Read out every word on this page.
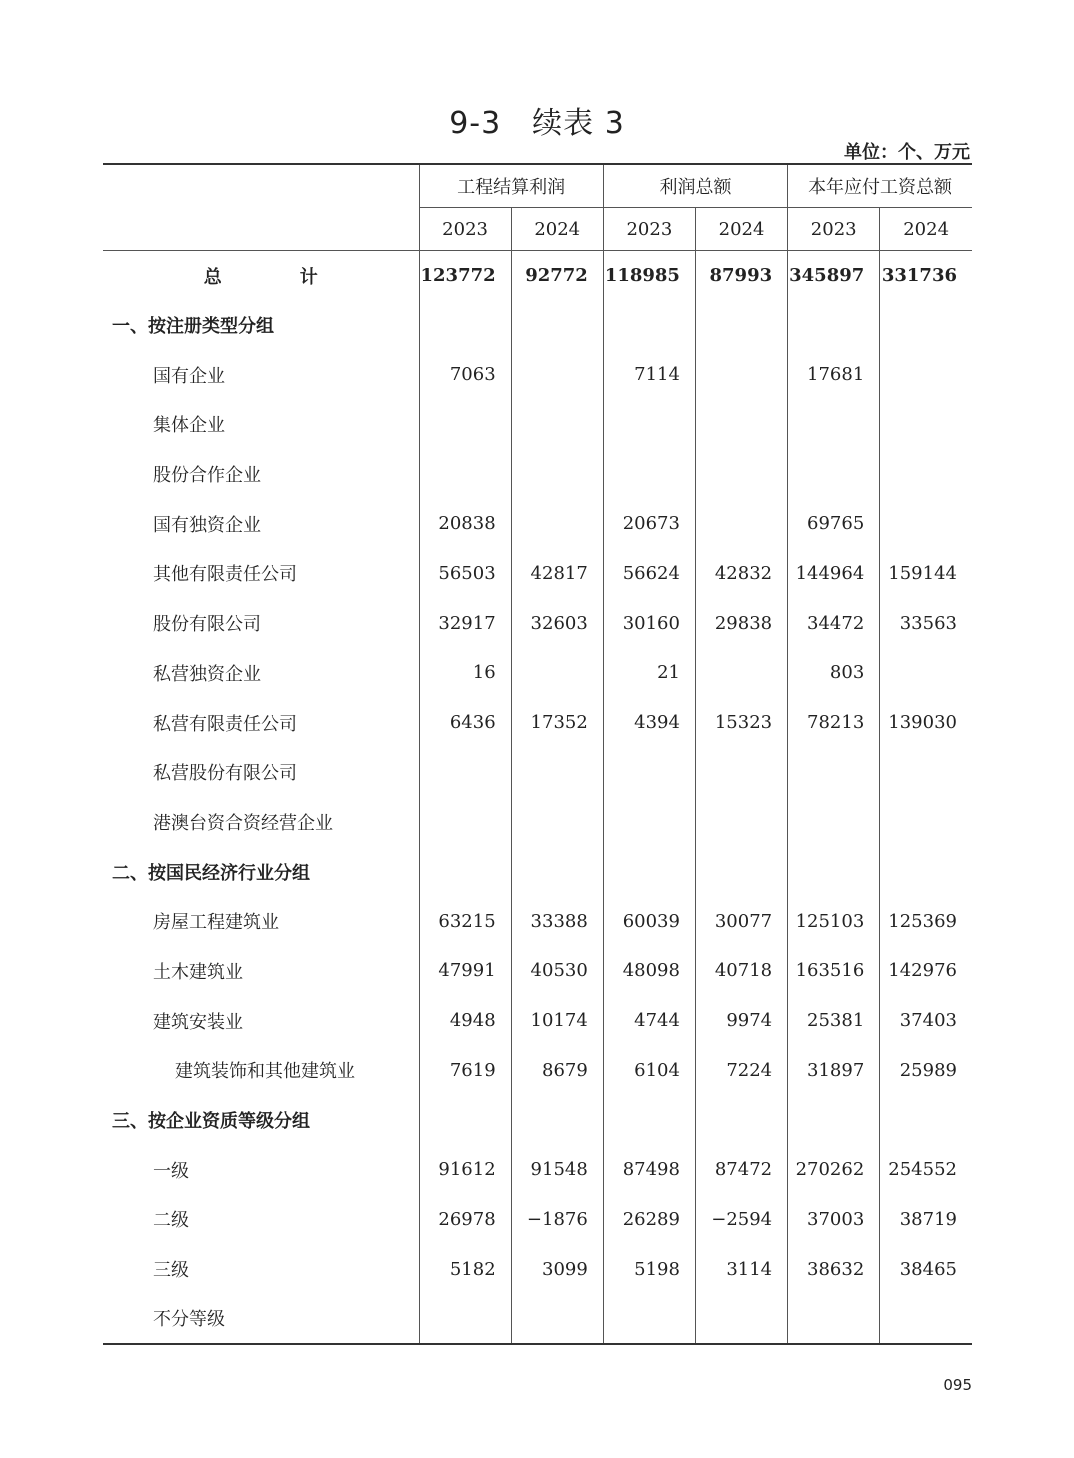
9-3　续表 3
单位：个、万元
	工程结算利润		利润总额		本年应付工资总额	
	2023	2024	2023	2024	2023	2024
总　计	123772	92772	118985	87993	345897	331736
一、按注册类型分组						
国有企业	7063		7114		17681	
集体企业						
股份合作企业						
国有独资企业	20838		20673		69765	
其他有限责任公司	56503	42817	56624	42832	144964	159144
股份有限公司	32917	32603	30160	29838	34472	33563
私营独资企业	16		21		803	
私营有限责任公司	6436	17352	4394	15323	78213	139030
私营股份有限公司						
港澳台资合资经营企业						
二、按国民经济行业分组						
房屋工程建筑业	63215	33388	60039	30077	125103	125369
土木建筑业	47991	40530	48098	40718	163516	142976
建筑安装业	4948	10174	4744	9974	25381	37403
建筑装饰和其他建筑业	7619	8679	6104	7224	31897	25989
三、按企业资质等级分组						
一级	91612	91548	87498	87472	270262	254552
二级	26978	−1876	26289	−2594	37003	38719
三级	5182	3099	5198	3114	38632	38465
不分等级						
095
